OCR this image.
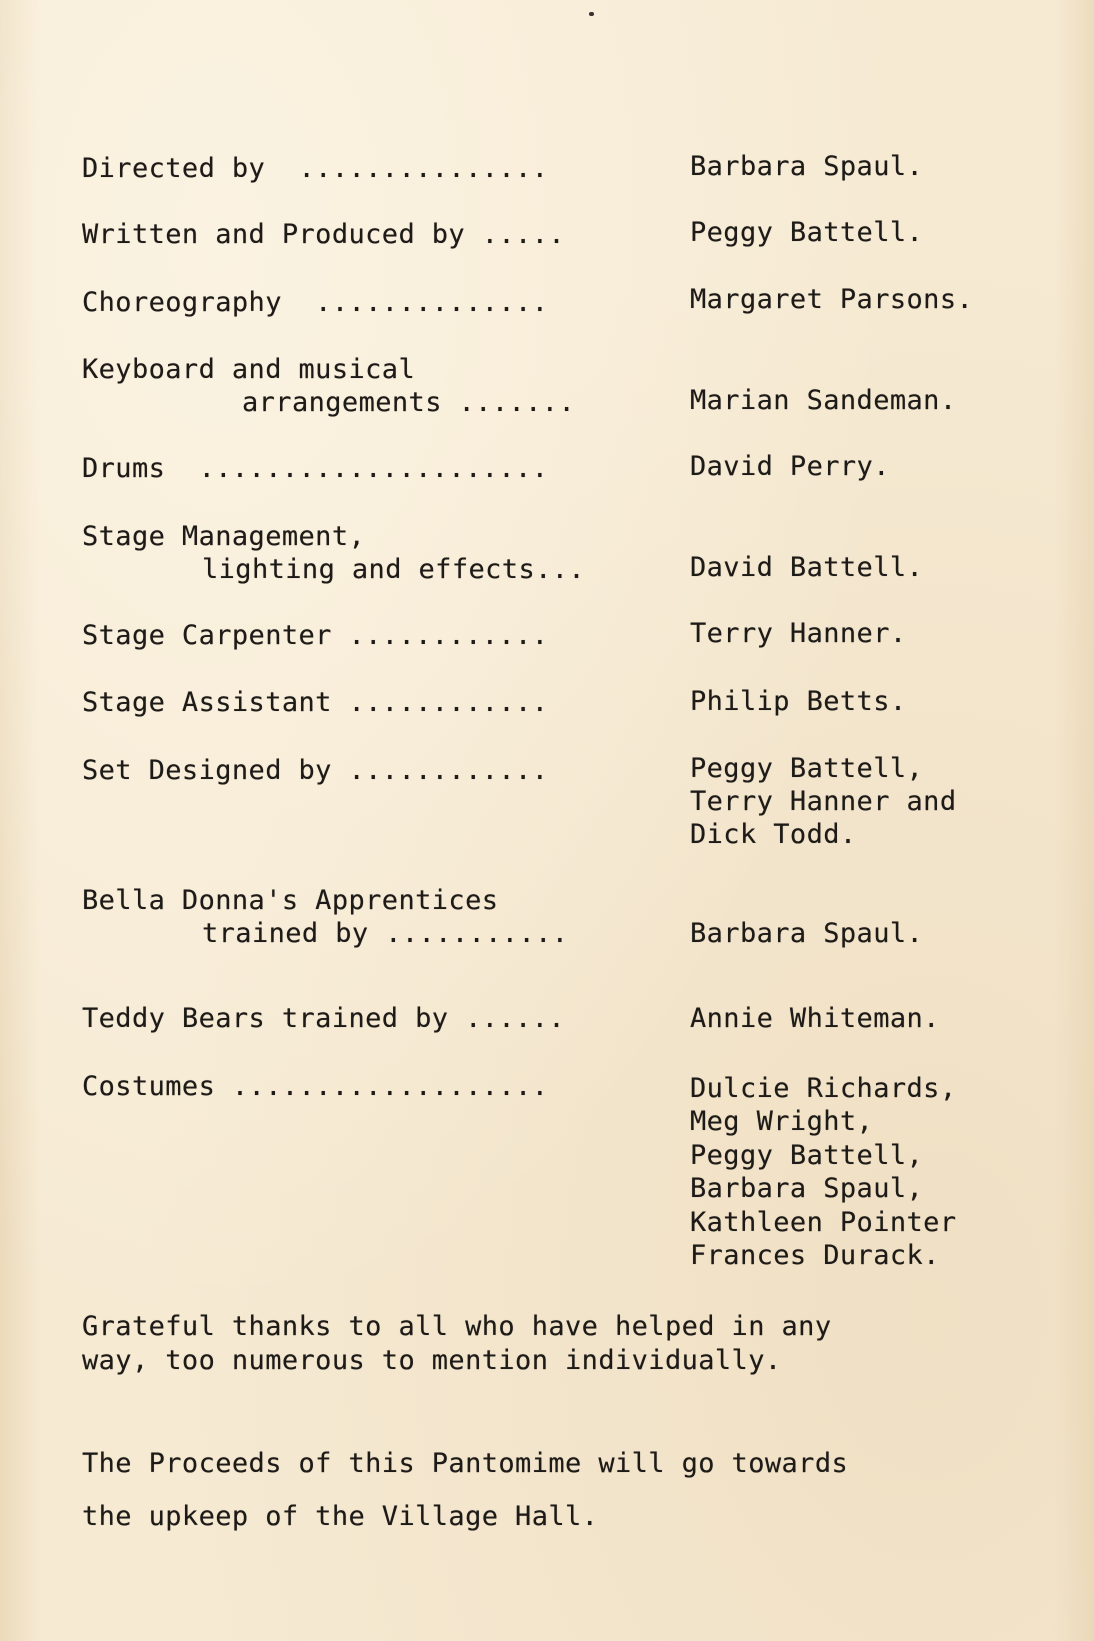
Directed by  ...............	Barbara Spaul.

Written and Produced by .....	Peggy Battell.

Choreography  ..............	Margaret Parsons.

Keyboard and musical

arrangements .......	Marian Sandeman.

Drums  .....................	David Perry.

Stage Management,

lighting and effects...	David Battell.

Stage Carpenter ............	Terry Hanner.

Stage Assistant ............	Philip Betts.

Set Designed by ............	Peggy Battell,

Terry Hanner and

Dick Todd.

Bella Donna's Apprentices

trained by ...........	Barbara Spaul.

Teddy Bears trained by ......	Annie Whiteman.

Costumes ...................	Dulcie Richards,

Meg Wright,

Peggy Battell,

Barbara Spaul,

Kathleen Pointer

Frances Durack.

Grateful thanks to all who have helped in any

way, too numerous to mention individually.

The Proceeds of this Pantomime will go towards

the upkeep of the Village Hall.
